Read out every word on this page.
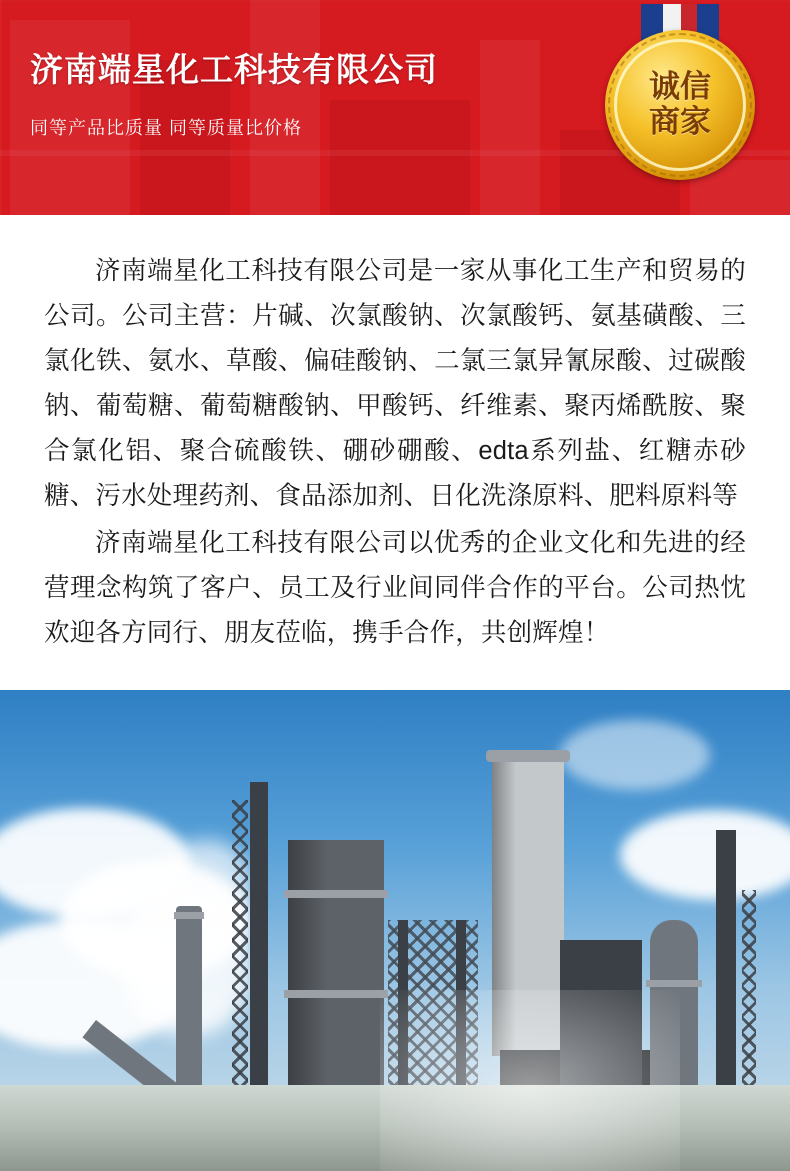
济南端星化工科技有限公司
同等产品比质量 同等质量比价格
诚信
商家

济南端星化工科技有限公司是一家从事化工生产和贸易的公司。公司主营：片碱、次氯酸钠、次氯酸钙、氨基磺酸、三氯化铁、氨水、草酸、偏硅酸钠、二氯三氯异氰尿酸、过碳酸钠、葡萄糖、葡萄糖酸钠、甲酸钙、纤维素、聚丙烯酰胺、聚合氯化铝、聚合硫酸铁、硼砂硼酸、edta系列盐、红糖赤砂糖、污水处理药剂、食品添加剂、日化洗涤原料、肥料原料等

济南端星化工科技有限公司以优秀的企业文化和先进的经营理念构筑了客户、员工及行业间同伴合作的平台。公司热忱欢迎各方同行、朋友莅临，携手合作，共创辉煌！
